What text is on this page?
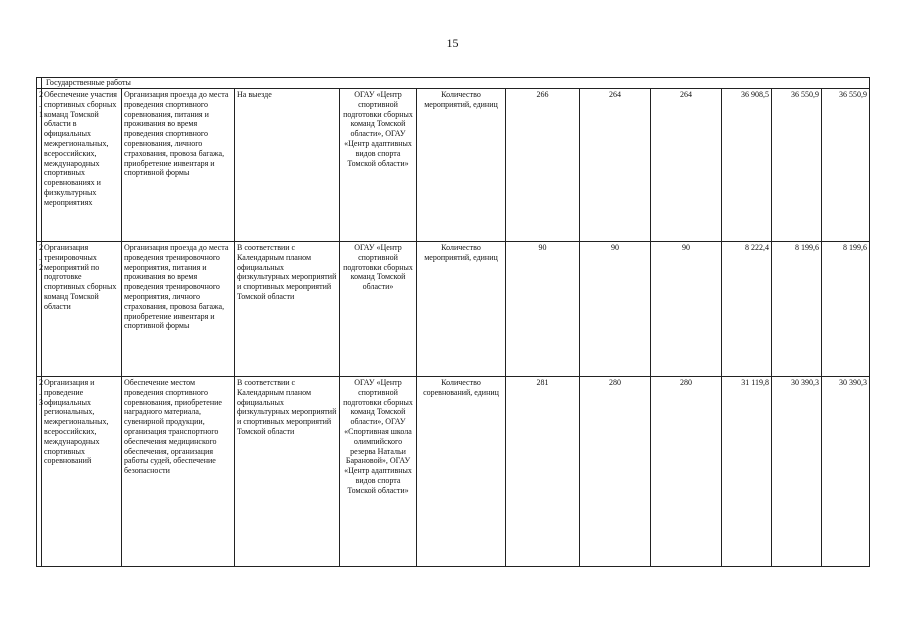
15
	Государственные работы										
2.1	Обеспечение участия спортивных сборных команд Томской области в официальных межрегиональных, всероссийских, международных спортивных соревнованиях и физкультурных мероприятиях	Организация проезда до места проведения спортивного соревнования, питания и проживания во время проведения спортивного соревнования, личного страхования, провоза багажа, приобретение инвентаря и спортивной формы	На выезде	ОГАУ «Центр спортивной подготовки сборных команд Томской области», ОГАУ «Центр адаптивных видов спорта Томской области»	Количество мероприятий, единиц	266	264	264	36 908,5	36 550,9	36 550,9
2.2	Организация тренировочных мероприятий по подготовке спортивных сборных команд Томской области	Организация проезда до места проведения тренировочного мероприятия, питания и проживания во время проведения тренировочного мероприятия, личного страхования, провоза багажа, приобретение инвентаря и спортивной формы	В соответствии с Календарным планом официальных физкультурных мероприятий и спортивных мероприятий Томской области	ОГАУ «Центр спортивной подготовки сборных команд Томской области»	Количество мероприятий, единиц	90	90	90	8 222,4	8 199,6	8 199,6
2.3	Организация и проведение официальных региональных, межрегиональных, всероссийских, международных спортивных соревнований	Обеспечение местом проведения спортивного соревнования, приобретение наградного материала, сувенирной продукции, организация транспортного обеспечения медицинского обеспечения, организация работы судей, обеспечение безопасности	В соответствии с Календарным планом официальных физкультурных мероприятий и спортивных мероприятий Томской области	ОГАУ «Центр спортивной подготовки сборных команд Томской области», ОГАУ «Спортивная школа олимпийского резерва Натальи Барановой», ОГАУ «Центр адаптивных видов спорта Томской области»	Количество соревнований, единиц	281	280	280	31 119,8	30 390,3	30 390,3
